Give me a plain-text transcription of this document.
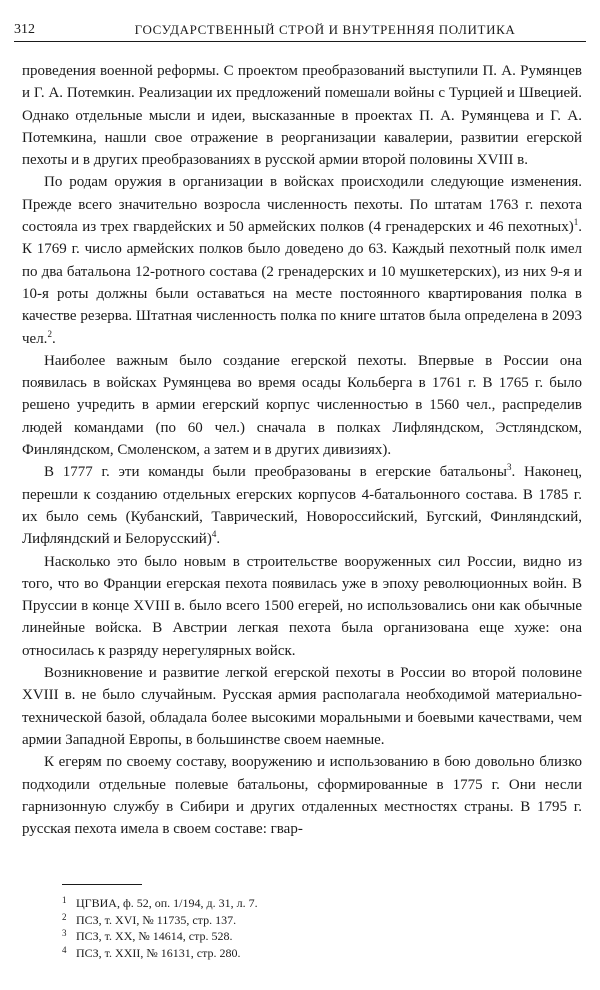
312	ГОСУДАРСТВЕННЫЙ СТРОЙ И ВНУТРЕННЯЯ ПОЛИТИКА

проведения военной реформы. С проектом преобразований выступили П. А. Румянцев и Г. А. Потемкин. Реализации их предложений помешали войны с Турцией и Швецией. Однако отдельные мысли и идеи, высказанные в проектах П. А. Румянцева и Г. А. Потемкина, нашли свое отражение в реорганизации кавалерии, развитии егерской пехоты и в других преобразованиях в русской армии второй половины XVIII в.

По родам оружия в организации в войсках происходили следующие изменения. Прежде всего значительно возросла численность пехоты. По штатам 1763 г. пехота состояла из трех гвардейских и 50 армейских полков (4 гренадерских и 46 пехотных)$^1$. К 1769 г. число армейских полков было доведено до 63. Каждый пехотный полк имел по два батальона 12-ротного состава (2 гренадерских и 10 мушкетерских), из них 9-я и 10-я роты должны были оставаться на месте постоянного квартирования полка в качестве резерва. Штатная численность полка по книге штатов была определена в 2093 чел.$^2$.

Наиболее важным было создание егерской пехоты. Впервые в России она появилась в войсках Румянцева во время осады Кольберга в 1761 г. В 1765 г. было решено учредить в армии егерский корпус численностью в 1560 чел., распределив людей командами (по 60 чел.) сначала в полках Лифляндском, Эстляндском, Финляндском, Смоленском, а затем и в других дивизиях).

В 1777 г. эти команды были преобразованы в егерские батальоны$^3$. Наконец, перешли к созданию отдельных егерских корпусов 4-батальонного состава. В 1785 г. их было семь (Кубанский, Таврический, Новороссийский, Бугский, Финляндский, Лифляндский и Белорусский)$^4$.

Насколько это было новым в строительстве вооруженных сил России, видно из того, что во Франции егерская пехота появилась уже в эпоху революционных войн. В Пруссии в конце XVIII в. было всего 1500 егерей, но использовались они как обычные линейные войска. В Австрии легкая пехота была организована еще хуже: она относилась к разряду нерегулярных войск.

Возникновение и развитие легкой егерской пехоты в России во второй половине XVIII в. не было случайным. Русская армия располагала необходимой материально-технической базой, обладала более высокими моральными и боевыми качествами, чем армии Западной Европы, в большинстве своем наемные.

К егерям по своему составу, вооружению и использованию в бою довольно близко подходили отдельные полевые батальоны, сформированные в 1775 г. Они несли гарнизонную службу в Сибири и других отдаленных местностях страны. В 1795 г. русская пехота имела в своем составе: гвар-

1 ЦГВИА, ф. 52, оп. 1/194, д. 31, л. 7.
2 ПСЗ, т. XVI, № 11735, стр. 137.
3 ПСЗ, т. XX, № 14614, стр. 528.
4 ПСЗ, т. XXII, № 16131, стр. 280.
